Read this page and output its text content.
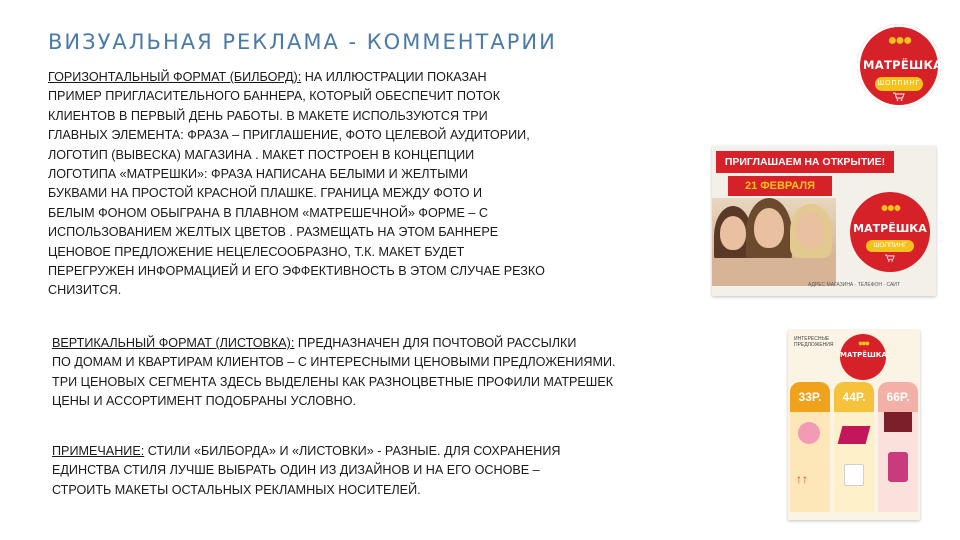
ВИЗУАЛЬНАЯ РЕКЛАМА - КОММЕНТАРИИ
ГОРИЗОНТАЛЬНЫЙ ФОРМАТ (БИЛБОРД): НА ИЛЛЮСТРАЦИИ ПОКАЗАН
ПРИМЕР ПРИГЛАСИТЕЛЬНОГО БАННЕРА, КОТОРЫЙ ОБЕСПЕЧИТ ПОТОК
КЛИЕНТОВ В ПЕРВЫЙ ДЕНЬ РАБОТЫ. В МАКЕТЕ ИСПОЛЬЗУЮТСЯ ТРИ
ГЛАВНЫХ ЭЛЕМЕНТА: ФРАЗА – ПРИГЛАШЕНИЕ, ФОТО ЦЕЛЕВОЙ АУДИТОРИИ,
ЛОГОТИП (ВЫВЕСКА) МАГАЗИНА . МАКЕТ ПОСТРОЕН В КОНЦЕПЦИИ
ЛОГОТИПА «МАТРЕШКИ»: ФРАЗА НАПИСАНА БЕЛЫМИ И ЖЕЛТЫМИ
БУКВАМИ НА ПРОСТОЙ КРАСНОЙ ПЛАШКЕ. ГРАНИЦА МЕЖДУ ФОТО И
БЕЛЫМ ФОНОМ ОБЫГРАНА В ПЛАВНОМ «МАТРЕШЕЧНОЙ» ФОРМЕ – С
ИСПОЛЬЗОВАНИЕМ ЖЕЛТЫХ ЦВЕТОВ . РАЗМЕЩАТЬ НА ЭТОМ БАННЕРЕ
ЦЕНОВОЕ ПРЕДЛОЖЕНИЕ НЕЦЕЛЕСООБРАЗНО, Т.К. МАКЕТ БУДЕТ
ПЕРЕГРУЖЕН ИНФОРМАЦИЕЙ И ЕГО ЭФФЕКТИВНОСТЬ В ЭТОМ СЛУЧАЕ РЕЗКО
СНИЗИТСЯ.
ВЕРТИКАЛЬНЫЙ ФОРМАТ (ЛИСТОВКА): ПРЕДНАЗНАЧЕН ДЛЯ ПОЧТОВОЙ РАССЫЛКИ
ПО ДОМАМ И КВАРТИРАМ КЛИЕНТОВ – С ИНТЕРЕСНЫМИ ЦЕНОВЫМИ ПРЕДЛОЖЕНИЯМИ.
ТРИ ЦЕНОВЫХ СЕГМЕНТА ЗДЕСЬ ВЫДЕЛЕНЫ КАК РАЗНОЦВЕТНЫЕ ПРОФИЛИ МАТРЕШЕК
ЦЕНЫ И АССОРТИМЕНТ ПОДОБРАНЫ УСЛОВНО.
ПРИМЕЧАНИЕ: СТИЛИ «БИЛБОРДА» И «ЛИСТОВКИ» - РАЗНЫЕ. ДЛЯ СОХРАНЕНИЯ
ЕДИНСТВА СТИЛЯ ЛУЧШЕ ВЫБРАТЬ ОДИН ИЗ ДИЗАЙНОВ И НА ЕГО ОСНОВЕ –
СТРОИТЬ МАКЕТЫ ОСТАЛЬНЫХ РЕКЛАМНЫХ НОСИТЕЛЕЙ.
●●●
МАТРЁШКА
ШОППИНГ
ПРИГЛАШАЕМ НА ОТКРЫТИЕ!
21 ФЕВРАЛЯ
●●●
МАТРЁШКА
ШОППИНГ
АДРЕС МАГАЗИНА · ТЕЛЕФОН · САЙТ
ИНТЕРЕСНЫЕ ПРЕДЛОЖЕНИЯ	●●●
МАТРЁШКА
33Р.	44Р.	66Р.
↑↑
